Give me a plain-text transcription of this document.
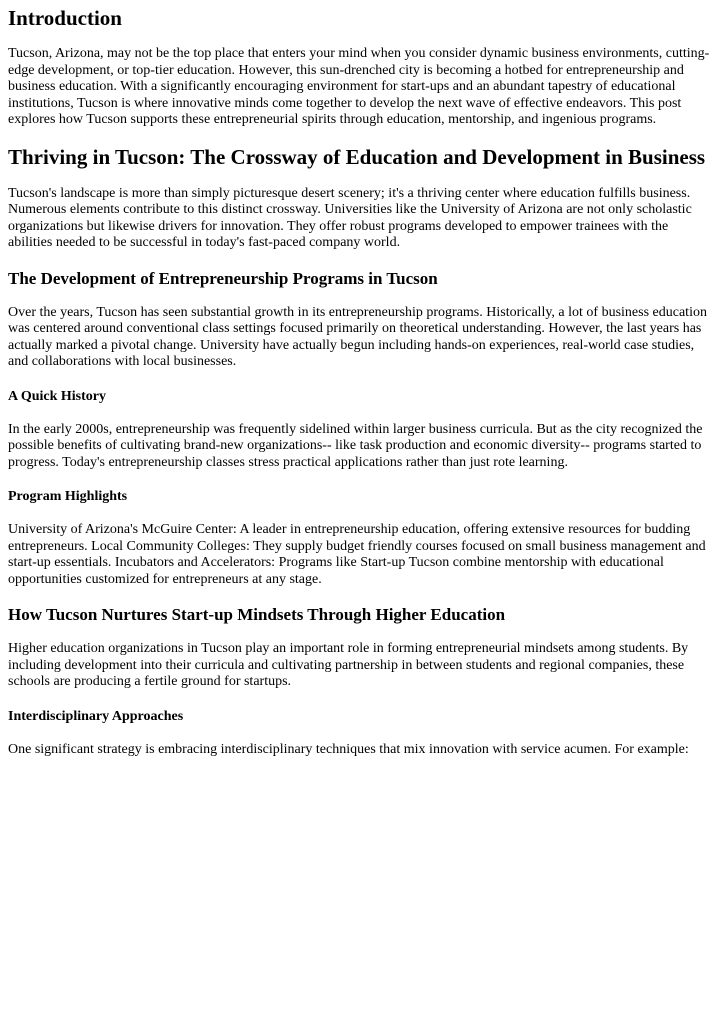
Introduction

Tucson, Arizona, may not be the top place that enters your mind when you consider dynamic business environments, cutting-edge development, or top-tier education. However, this sun-drenched city is becoming a hotbed for entrepreneurship and business education. With a significantly encouraging environment for start-ups and an abundant tapestry of educational institutions, Tucson is where innovative minds come together to develop the next wave of effective endeavors. This post explores how Tucson supports these entrepreneurial spirits through education, mentorship, and ingenious programs.

Thriving in Tucson: The Crossway of Education and Development in Business

Tucson's landscape is more than simply picturesque desert scenery; it's a thriving center where education fulfills business. Numerous elements contribute to this distinct crossway. Universities like the University of Arizona are not only scholastic organizations but likewise drivers for innovation. They offer robust programs developed to empower trainees with the abilities needed to be successful in today's fast-paced company world.

The Development of Entrepreneurship Programs in Tucson

Over the years, Tucson has seen substantial growth in its entrepreneurship programs. Historically, a lot of business education was centered around conventional class settings focused primarily on theoretical understanding. However, the last years has actually marked a pivotal change. University have actually begun including hands-on experiences, real-world case studies, and collaborations with local businesses.

A Quick History

In the early 2000s, entrepreneurship was frequently sidelined within larger business curricula. But as the city recognized the possible benefits of cultivating brand-new organizations-- like task production and economic diversity-- programs started to progress. Today's entrepreneurship classes stress practical applications rather than just rote learning.

Program Highlights

University of Arizona's McGuire Center: A leader in entrepreneurship education, offering extensive resources for budding entrepreneurs. Local Community Colleges: They supply budget friendly courses focused on small business management and start-up essentials. Incubators and Accelerators: Programs like Start-up Tucson combine mentorship with educational opportunities customized for entrepreneurs at any stage.

How Tucson Nurtures Start-up Mindsets Through Higher Education

Higher education organizations in Tucson play an important role in forming entrepreneurial mindsets among students. By including development into their curricula and cultivating partnership in between students and regional companies, these schools are producing a fertile ground for startups.

Interdisciplinary Approaches

One significant strategy is embracing interdisciplinary techniques that mix innovation with service acumen. For example:
